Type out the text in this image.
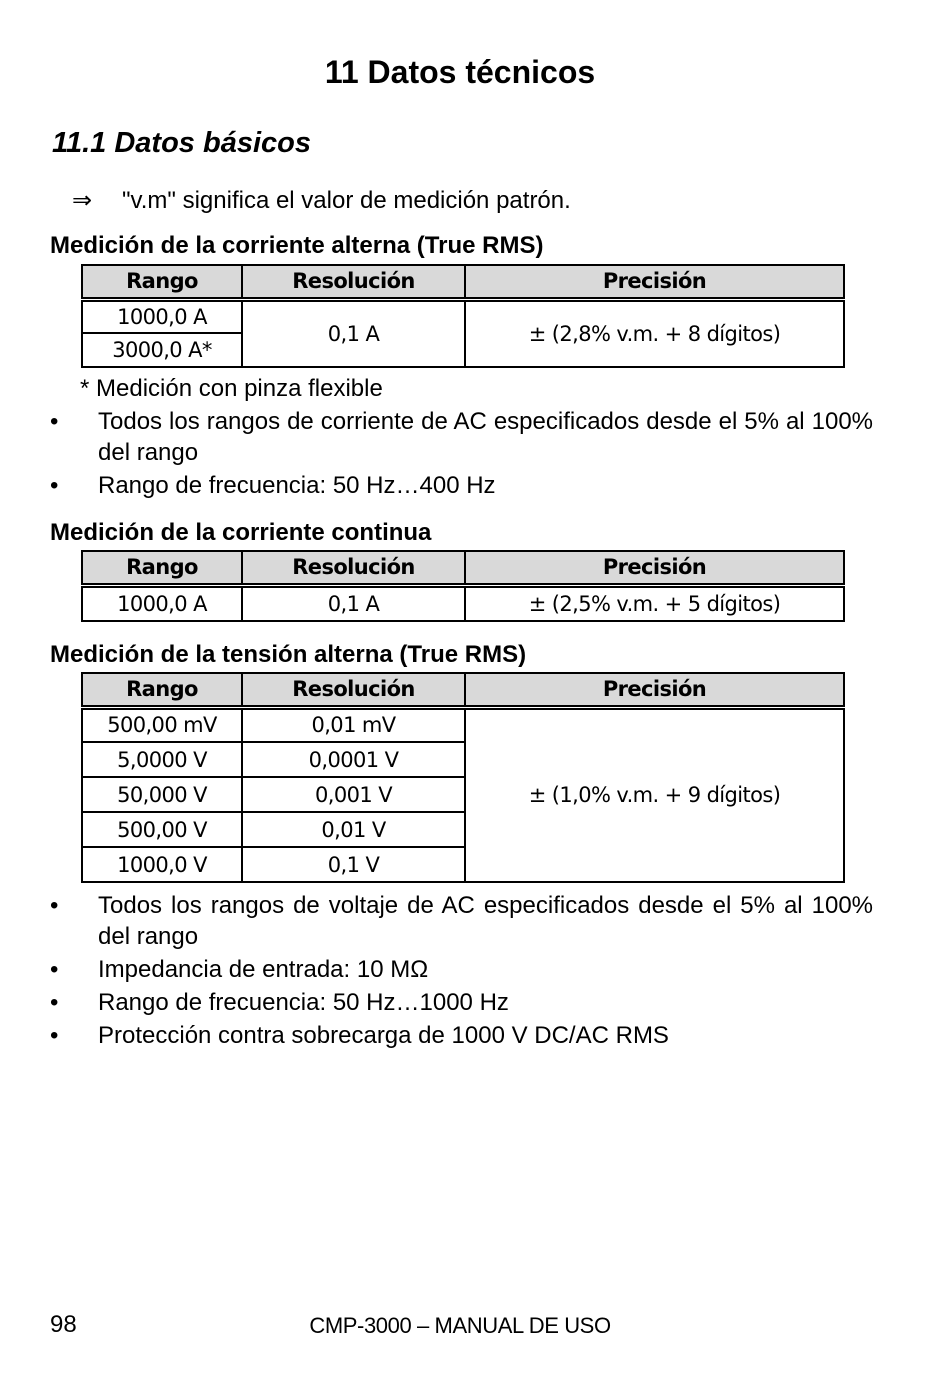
11 Datos técnicos
11.1 Datos básicos
⇒ "v.m" significa el valor de medición patrón.
Medición de la corriente alterna (True RMS)
Rango	Resolución	Precisión
1000,0 A	0,1 A	± (2,8% v.m. + 8 dígitos)
3000,0 A*		
* Medición con pinza flexible
• Todos los rangos de corriente de AC especificados desde el 5% al 100% del rango
• Rango de frecuencia: 50 Hz…400 Hz
Medición de la corriente continua
Rango	Resolución	Precisión
1000,0 A	0,1 A	± (2,5% v.m. + 5 dígitos)
Medición de la tensión alterna (True RMS)
Rango	Resolución	Precisión
500,00 mV	0,01 mV	± (1,0% v.m. + 9 dígitos)
5,0000 V	0,0001 V	
50,000 V	0,001 V	
500,00 V	0,01 V	
1000,0 V	0,1 V	
• Todos los rangos de voltaje de AC especificados desde el 5% al 100% del rango
• Impedancia de entrada: 10 MΩ
• Rango de frecuencia: 50 Hz…1000 Hz
• Protección contra sobrecarga de 1000 V DC/AC RMS
98	CMP-3000 – MANUAL DE USO
